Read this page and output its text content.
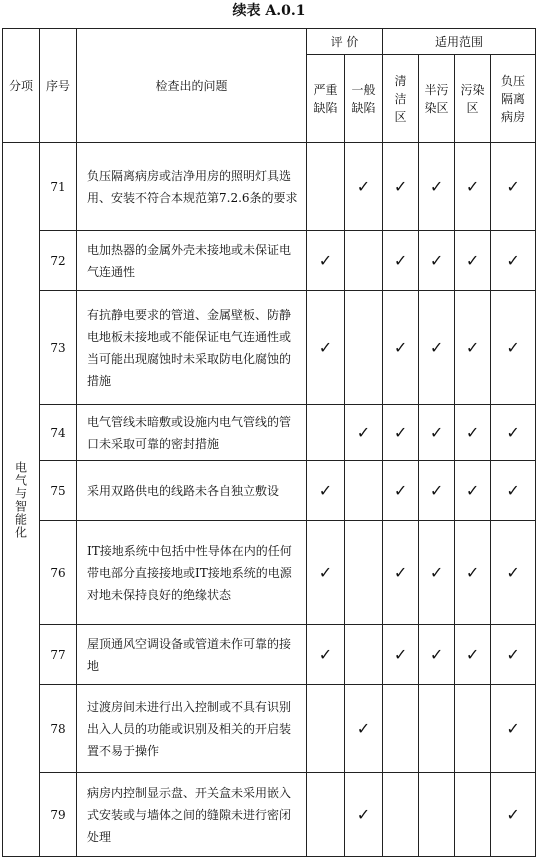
续表 A.0.1
分项	序号	检查出的问题	评 价		适用范围			

			严重缺陷	一般缺陷	清洁区	半污染区	污染区	负压隔离病房

电气与智能化	71	负压隔离病房或洁净用房的照明灯具选用、安装不符合本规范第7.2.6条的要求		✓	✓	✓	✓	✓
	72	电加热器的金属外壳未接地或未保证电气连通性	✓		✓	✓	✓	✓
	73	有抗静电要求的管道、金属壁板、防静电地板未接地或不能保证电气连通性或当可能出现腐蚀时未采取防电化腐蚀的措施	✓		✓	✓	✓	✓
	74	电气管线未暗敷或设施内电气管线的管口未采取可靠的密封措施		✓	✓	✓	✓	✓
	75	采用双路供电的线路未各自独立敷设	✓		✓	✓	✓	✓
	76	IT接地系统中包括中性导体在内的任何带电部分直接接地或IT接地系统的电源对地未保持良好的绝缘状态	✓		✓	✓	✓	✓
	77	屋顶通风空调设备或管道未作可靠的接地	✓		✓	✓	✓	✓
	78	过渡房间未进行出入控制或不具有识别出入人员的功能或识别及相关的开启装置不易于操作		✓				✓
	79	病房内控制显示盘、开关盒未采用嵌入式安装或与墙体之间的缝隙未进行密闭处理		✓				✓
